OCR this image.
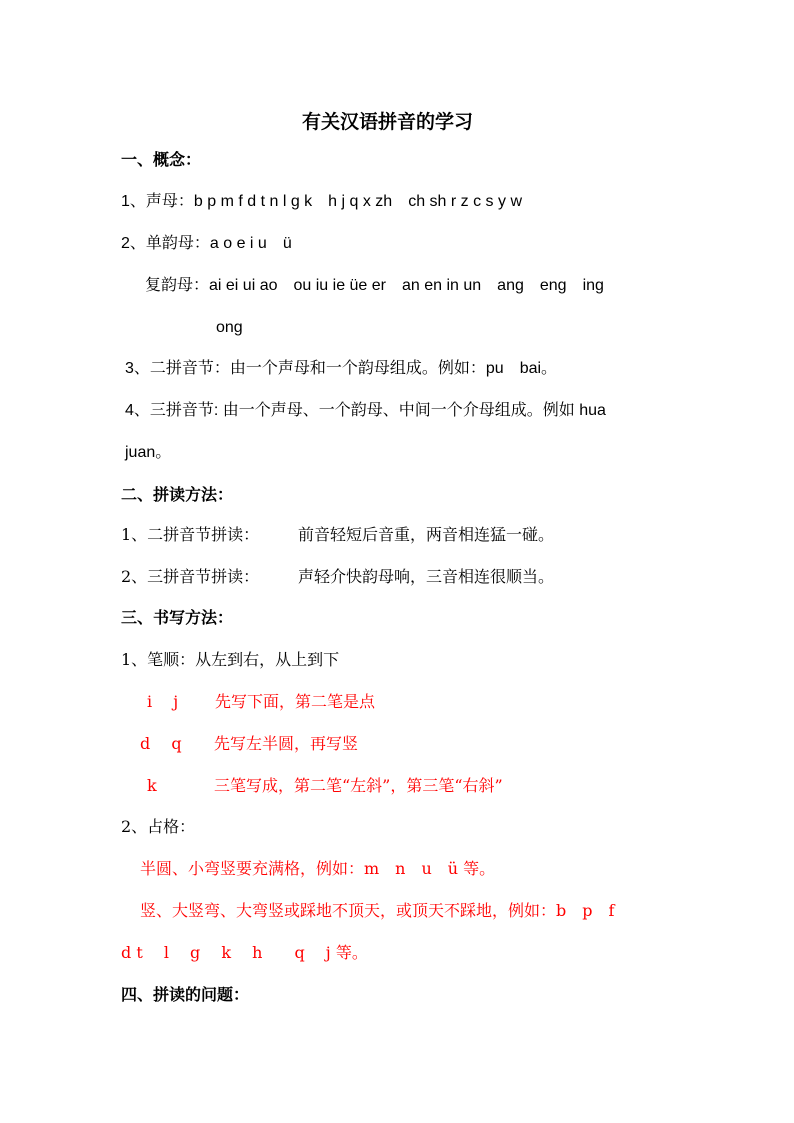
有关汉语拼音的学习
一、概念：
1、声母：b p m f d t n l g k　h j q x zh　ch sh r z c s y w
2、单韵母：a o e i u　ü
复韵母：ai ei ui ao　ou iu ie üe er　an en in un　ang　eng　ing
ong
3、二拼音节：由一个声母和一个韵母组成。例如：pu　bai。
4、三拼音节: 由一个声母、一个韵母、中间一个介母组成。例如 hua
juan。
二、拼读方法：
1、二拼音节拼读： 前音轻短后音重，两音相连猛一碰。
2、三拼音节拼读： 声轻介快韵母响，三音相连很顺当。
三、书写方法：
1、笔顺：从左到右，从上到下
i　 j 先写下面，第二笔是点
d　 q 先写左半圆，再写竖
k	三笔写成，第二笔“左斜”，第三笔“右斜”
2、占格：
半圆、小弯竖要充满格，例如：m　n　u　ü 等。
竖、大竖弯、大弯竖或踩地不顶天，或顶天不踩地，例如：b　p　f
d t　 l　 g　 k　 h　　q　 j 等。
四、拼读的问题：
